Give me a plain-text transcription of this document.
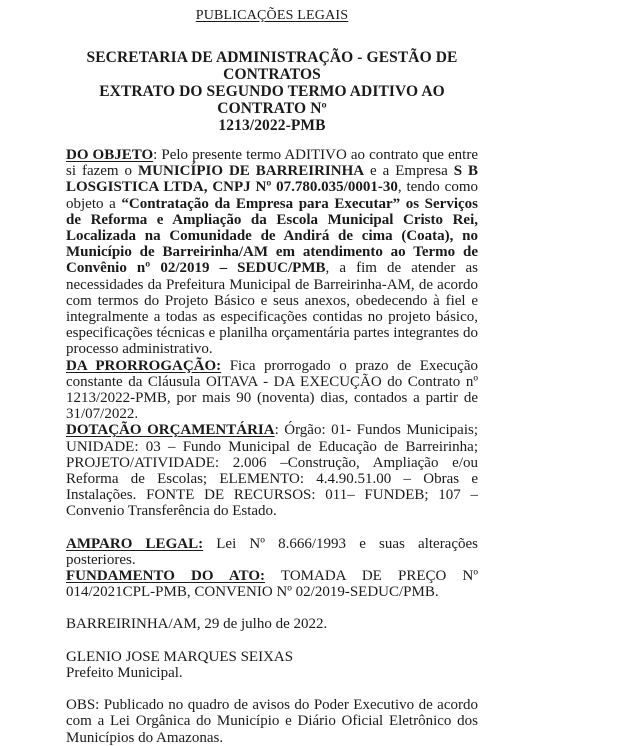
PUBLICAÇÕES LEGAIS
SECRETARIA DE ADMINISTRAÇÃO - GESTÃO DE CONTRATOS
EXTRATO DO SEGUNDO TERMO ADITIVO AO CONTRATO Nº
1213/2022-PMB

DO OBJETO: Pelo presente termo ADITIVO ao contrato que entre si fazem o MUNICÍPIO DE BARREIRINHA e a Empresa S B LOSGISTICA LTDA, CNPJ Nº 07.780.035/0001-30, tendo como objeto a “Contratação da Empresa para Executar” os Serviços de Reforma e Ampliação da Escola Municipal Cristo Rei, Localizada na Comunidade de Andirá de cima (Coata), no Município de Barreirinha/AM em atendimento ao Termo de Convênio nº 02/2019 – SEDUC/PMB, a fim de atender as necessidades da Prefeitura Municipal de Barreirinha-AM, de acordo com termos do Projeto Básico e seus anexos, obedecendo à fiel e integralmente a todas as especificações contidas no projeto básico, especificações técnicas e planilha orçamentária partes integrantes do processo administrativo.

DA PRORROGAÇÃO: Fica prorrogado o prazo de Execução constante da Cláusula OITAVA - DA EXECUÇÃO do Contrato nº 1213/2022-PMB, por mais 90 (noventa) dias, contados a partir de 31/07/2022.

DOTAÇÃO ORÇAMENTÁRIA: Órgão: 01- Fundos Municipais; UNIDADE: 03 – Fundo Municipal de Educação de Barreirinha; PROJETO/ATIVIDADE: 2.006 –Construção, Ampliação e/ou Reforma de Escolas; ELEMENTO: 4.4.90.51.00 – Obras e Instalações. FONTE DE RECURSOS: 011– FUNDEB; 107 – Convenio Transferência do Estado.

AMPARO LEGAL: Lei Nº 8.666/1993 e suas alterações posteriores.

FUNDAMENTO DO ATO: TOMADA DE PREÇO Nº 014/2021CPL-PMB, CONVENIO Nº 02/2019-SEDUC/PMB.

BARREIRINHA/AM, 29 de julho de 2022.

GLENIO JOSE MARQUES SEIXAS

Prefeito Municipal.

OBS: Publicado no quadro de avisos do Poder Executivo de acordo com a Lei Orgânica do Município e Diário Oficial Eletrônico dos Municípios do Amazonas.
